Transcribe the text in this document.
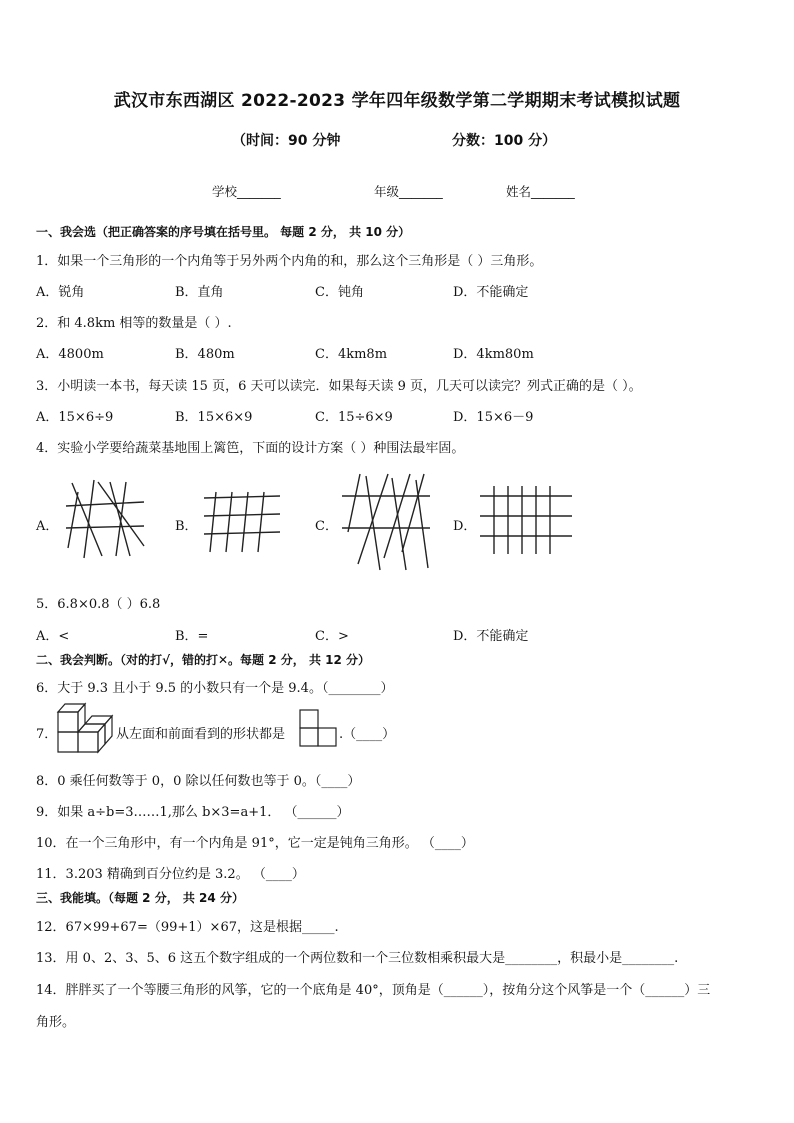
武汉市东西湖区 2022-2023 学年四年级数学第二学期期末考试模拟试题
（时间：90 分钟	分数：100 分）
学校_______	年级_______	姓名_______
一、我会选（把正确答案的序号填在括号里。 每题 2 分， 共 10 分）
1．如果一个三角形的一个内角等于另外两个内角的和，那么这个三角形是（ ）三角形。
A．锐角	B．直角	C．钝角	D．不能确定
2．和 4.8km 相等的数量是（ ）.
A．4800m	B．480m	C．4km8m	D．4km80m
3．小明读一本书，每天读 15 页，6 天可以读完．如果每天读 9 页，几天可以读完？列式正确的是（ ）。
A．15×6÷9	B．15×6×9	C．15÷6×9	D．15×6－9
4．实验小学要给蔬菜基地围上篱笆，下面的设计方案（ ）种围法最牢固。
A．	B．	C．	D．
5．6.8×0.8（ ）6.8
A．<	B．=	C．>	D．不能确定
二、我会判断。（对的打√，错的打✕。每题 2 分， 共 12 分）
6．大于 9.3 且小于 9.5 的小数只有一个是 9.4。（________）
7．	从左面和前面看到的形状都是	.（____）
8．0 乘任何数等于 0，0 除以任何数也等于 0。（____）
9．如果 a÷b=3……1,那么 b×3=a+1． （______）
10．在一个三角形中，有一个内角是 91°，它一定是钝角三角形。 （____）
11．3.203 精确到百分位约是 3.2。 （____）
三、我能填。（每题 2 分， 共 24 分）
12．67×99+67=（99+1）×67，这是根据_____.
13．用 0、2、3、5、6 这五个数字组成的一个两位数和一个三位数相乘积最大是________，积最小是________.
14．胖胖买了一个等腰三角形的风筝，它的一个底角是 40°，顶角是（______），按角分这个风筝是一个（______）三
角形。
